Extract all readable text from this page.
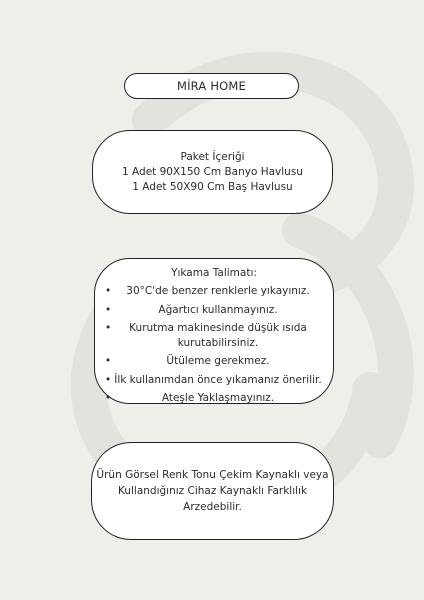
MİRA HOME
Paket İçeriği
1 Adet 90X150 Cm Banyo Havlusu
1 Adet 50X90 Cm Baş Havlusu
Yıkama Talimatı:
• 30°C'de benzer renklerle yıkayınız.
•	Ağartıcı kullanmayınız.
• Kurutma makinesinde düşük ısıda kurutabilirsiniz.
•	Ütüleme gerekmez.
• İlk kullanımdan önce yıkamanız önerilir.
•	Ateşle Yaklaşmayınız.
Ürün Görsel Renk Tonu Çekim Kaynaklı veya
Kullandığınız Cihaz Kaynaklı Farklılık
Arzedebilir.
